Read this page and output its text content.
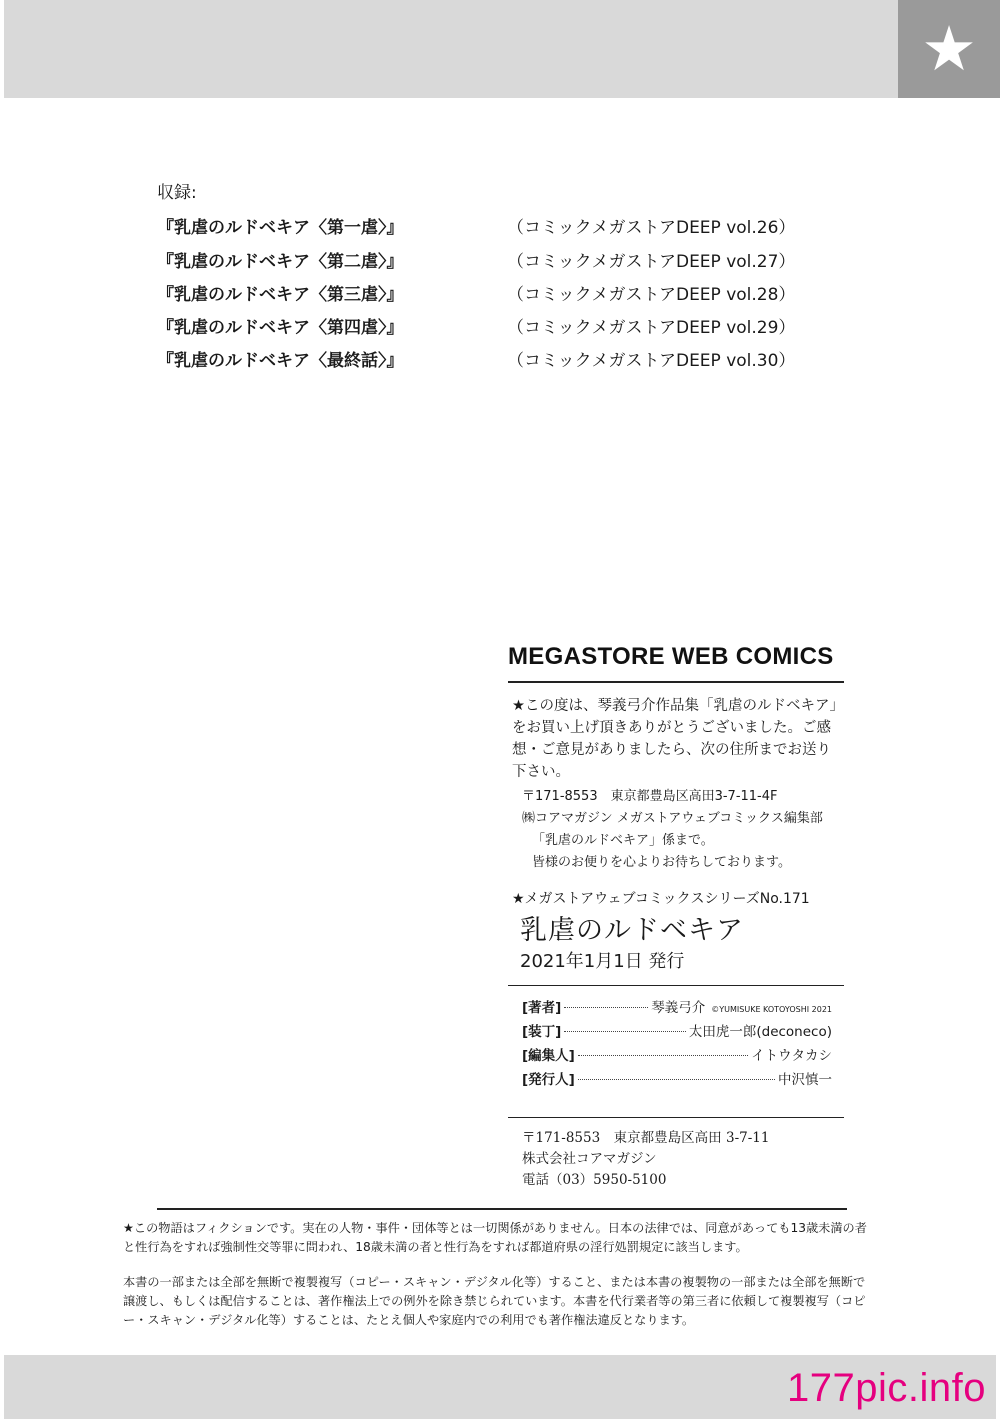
★
収録:
『乳虐のルドベキア〈第一虐〉』	（コミックメガストアDEEP vol.26）
『乳虐のルドベキア〈第二虐〉』	（コミックメガストアDEEP vol.27）
『乳虐のルドベキア〈第三虐〉』	（コミックメガストアDEEP vol.28）
『乳虐のルドベキア〈第四虐〉』	（コミックメガストアDEEP vol.29）
『乳虐のルドベキア〈最終話〉』	（コミックメガストアDEEP vol.30）
MEGASTORE WEB COMICS
★この度は、琴義弓介作品集「乳虐のルドベキア」をお買い上げ頂きありがとうございました。ご感想・ご意見がありましたら、次の住所までお送り下さい。
〒171-8553　東京都豊島区高田3-7-11-4F
㈱コアマガジン メガストアウェブコミックス編集部
「乳虐のルドベキア」係まで。
皆様のお便りを心よりお待ちしております。
★メガストアウェブコミックスシリーズNo.171
乳虐のルドベキア
2021年1月1日 発行
[著者]	琴義弓介 ©YUMISUKE KOTOYOSHI 2021
[装丁]	太田虎一郎(deconeco)
[編集人]	イトウタカシ
[発行人]	中沢慎一
〒171-8553　東京都豊島区高田 3-7-11
株式会社コアマガジン
電話（03）5950-5100
★この物語はフィクションです。実在の人物・事件・団体等とは一切関係がありません。日本の法律では、同意があっても13歳未満の者と性行為をすれば強制性交等罪に問われ、18歳未満の者と性行為をすれば都道府県の淫行処罰規定に該当します。
本書の一部または全部を無断で複製複写（コピー・スキャン・デジタル化等）すること、または本書の複製物の一部または全部を無断で譲渡し、もしくは配信することは、著作権法上での例外を除き禁じられています。本書を代行業者等の第三者に依頼して複製複写（コピー・スキャン・デジタル化等）することは、たとえ個人や家庭内での利用でも著作権法違反となります。
177pic.info
